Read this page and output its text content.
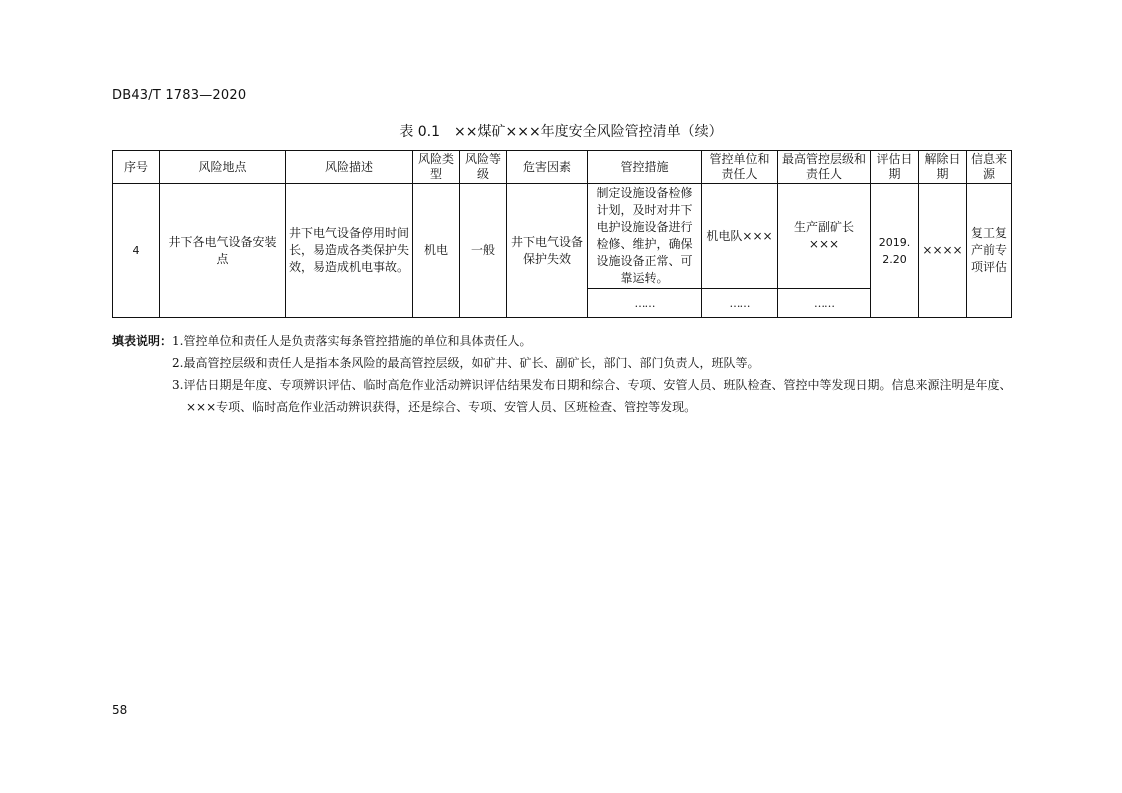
DB43/T 1783—2020
表 0.1　××煤矿×××年度安全风险管控清单（续）
序号	风险地点	风险描述	风险类型	风险等级	危害因素	管控措施	管控单位和责任人	最高管控层级和责任人	评估日期	解除日期	信息来源
4	井下各电气设备安装点	井下电气设备停用时间长，易造成各类保护失效，易造成机电事故。	机电	一般	井下电气设备保护失效	制定设施设备检修计划，及时对井下电护设施设备进行检修、维护，确保设施设备正常、可靠运转。	机电队×××	生产副矿长×××	2019. 2.20	××××	复工复产前专项评估
						……	……	……			
填表说明：1.管控单位和责任人是负责落实每条管控措施的单位和具体责任人。
2.最高管控层级和责任人是指本条风险的最高管控层级，如矿井、矿长、副矿长，部门、部门负责人，班队等。
3.评估日期是年度、专项辨识评估、临时高危作业活动辨识评估结果发布日期和综合、专项、安管人员、班队检查、管控中等发现日期。信息来源注明是年度、
×××专项、临时高危作业活动辨识获得，还是综合、专项、安管人员、区班检查、管控等发现。
58
